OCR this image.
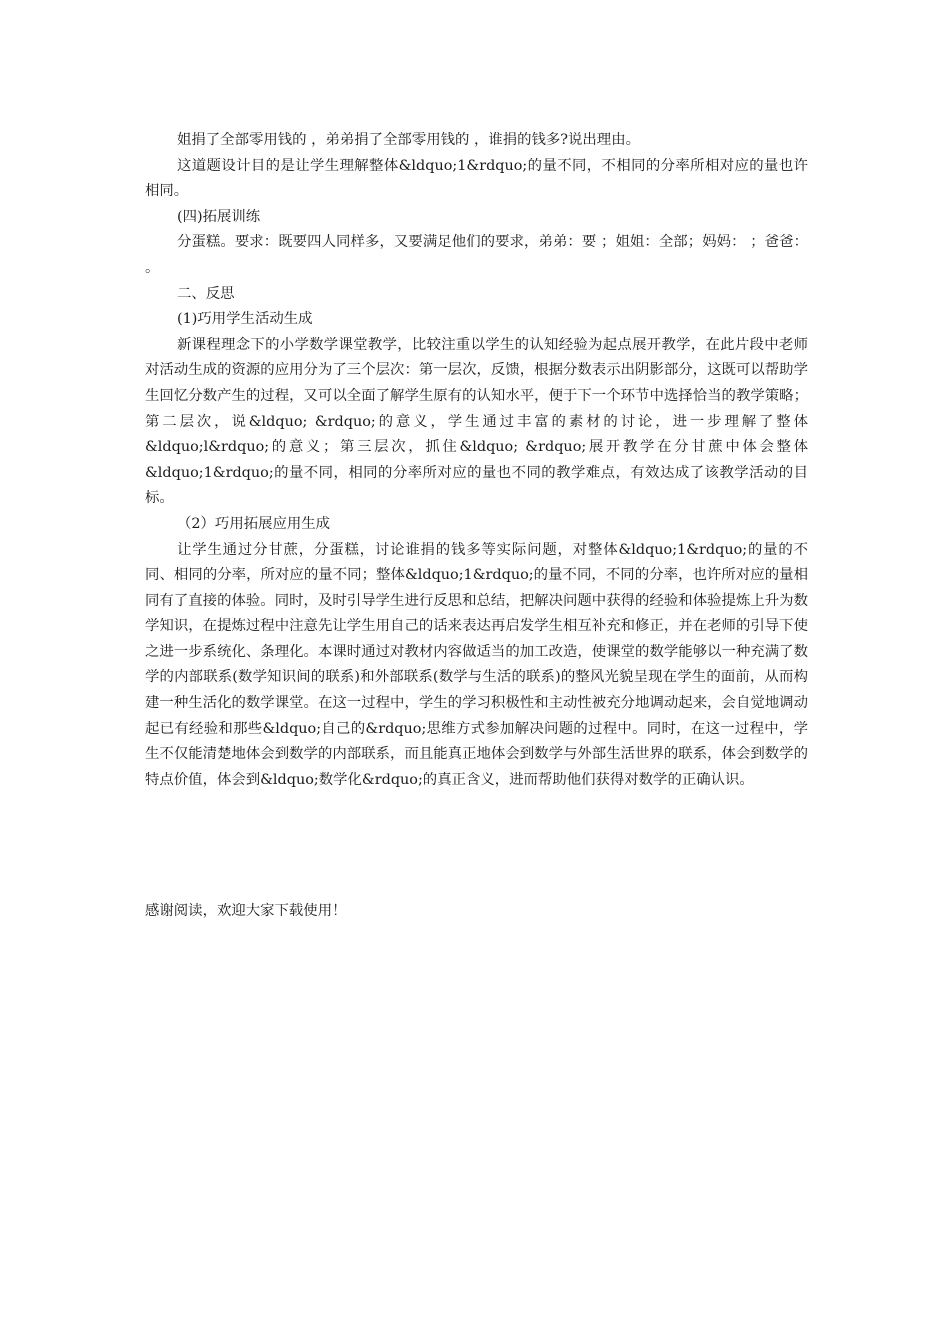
姐捐了全部零用钱的 ，弟弟捐了全部零用钱的 ，谁捐的钱多?说出理由。

这道题设计目的是让学生理解整体&ldquo;1&rdquo;的量不同，不相同的分率所相对应的量也许相同。

(四)拓展训练

分蛋糕。要求：既要四人同样多，又要满足他们的要求，弟弟：要 ；姐姐：全部；妈妈： ；爸爸： 。

二、反思

(1)巧用学生活动生成

新课程理念下的小学数学课堂教学，比较注重以学生的认知经验为起点展开教学，在此片段中老师对活动生成的资源的应用分为了三个层次：第一层次，反馈，根据分数表示出阴影部分，这既可以帮助学生回忆分数产生的过程，又可以全面了解学生原有的认知水平，便于下一个环节中选择恰当的教学策略；第二层次，说&ldquo; &rdquo;的意义，学生通过丰富的素材的讨论，进一步理解了整体&ldquo;l&rdquo;的意义；第三层次，抓住&ldquo; &rdquo;展开教学在分甘蔗中体会整体&ldquo;1&rdquo;的量不同，相同的分率所对应的量也不同的教学难点，有效达成了该教学活动的目标。

（2）巧用拓展应用生成

让学生通过分甘蔗，分蛋糕，讨论谁捐的钱多等实际问题，对整体&ldquo;1&rdquo;的量的不同、相同的分率，所对应的量不同；整体&ldquo;1&rdquo;的量不同，不同的分率，也许所对应的量相同有了直接的体验。同时，及时引导学生进行反思和总结，把解决问题中获得的经验和体验提炼上升为数学知识，在提炼过程中注意先让学生用自己的话来表达再启发学生相互补充和修正，并在老师的引导下使之进一步系统化、条理化。本课时通过对教材内容做适当的加工改造，使课堂的数学能够以一种充满了数学的内部联系(数学知识间的联系)和外部联系(数学与生活的联系)的整风光貌呈现在学生的面前，从而构建一种生活化的数学课堂。在这一过程中，学生的学习积极性和主动性被充分地调动起来，会自觉地调动起已有经验和那些&ldquo;自己的&rdquo;思维方式参加解决问题的过程中。同时，在这一过程中，学生不仅能清楚地体会到数学的内部联系，而且能真正地体会到数学与外部生活世界的联系，体会到数学的特点价值，体会到&ldquo;数学化&rdquo;的真正含义，进而帮助他们获得对数学的正确认识。

感谢阅读，欢迎大家下载使用！
